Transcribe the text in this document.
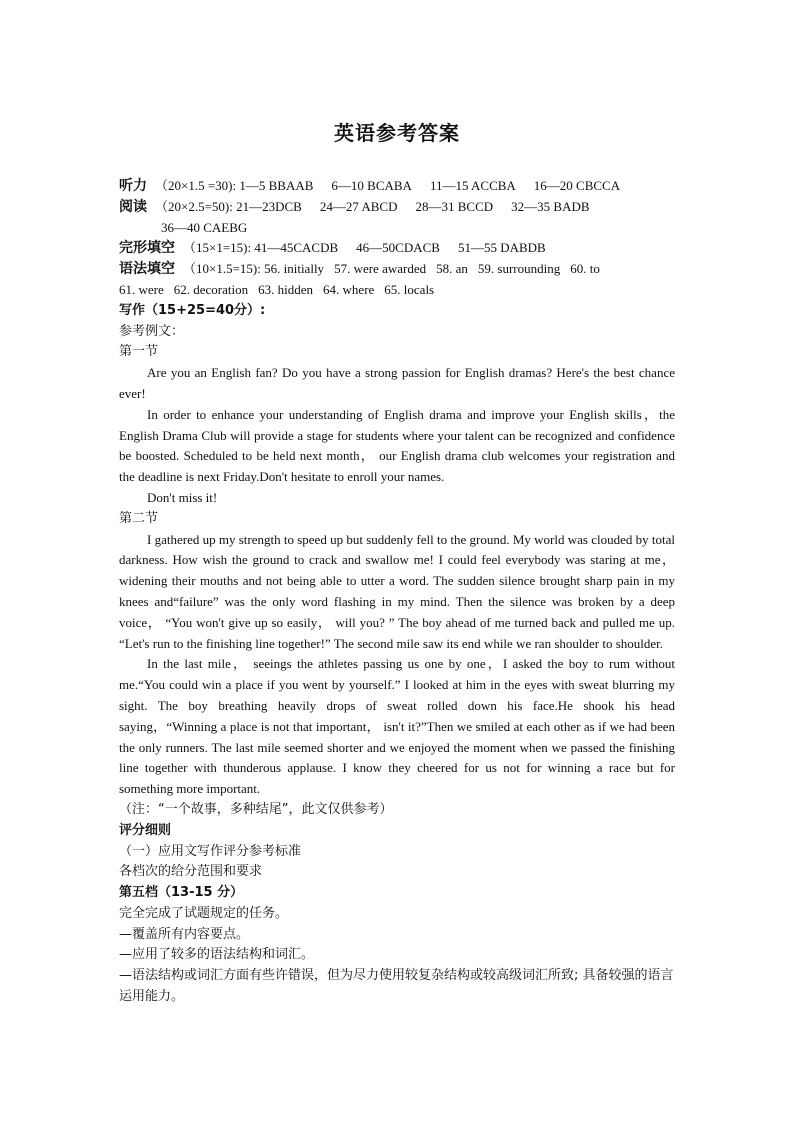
英语参考答案
听力 （20×1.5 =30): 1—5 BBAAB 6—10 BCABA 11—15 ACCBA 16—20 CBCCA
阅读 （20×2.5=50): 21—23DCB 24—27 ABCD 28—31 BCCD 32—35 BADB
36—40 CAEBG
完形填空 （15×1=15): 41—45CACDB 46—50CDACB 51—55 DABDB
语法填空 （10×1.5=15): 56. initially 57. were awarded 58. an 59. surrounding 60. to
61. were 62. decoration 63. hidden 64. where 65. locals
写作（15+25=40分）:
参考例文：
第一节

Are you an English fan? Do you have a strong passion for English dramas? Here's the best chance ever!

In order to enhance your understanding of English drama and improve your English skills，the English Drama Club will provide a stage for students where your talent can be recognized and confidence be boosted. Scheduled to be held next month， our English drama club welcomes your registration and the deadline is next Friday.Don't hesitate to enroll your names.

Don't miss it!

第二节

I gathered up my strength to speed up but suddenly fell to the ground. My world was clouded by total darkness. How wish the ground to crack and swallow me! I could feel everybody was staring at me，widening their mouths and not being able to utter a word. The sudden silence brought sharp pain in my knees and“failure” was the only word flashing in my mind. Then the silence was broken by a deep voice， “You won't give up so easily， will you? ” The boy ahead of me turned back and pulled me up. “Let's run to the finishing line together!” The second mile saw its end while we ran shoulder to shoulder.

In the last mile， seeings the athletes passing us one by one，I asked the boy to rum without me.“You could win a place if you went by yourself.” I looked at him in the eyes with sweat blurring my sight. The boy breathing heavily drops of sweat rolled down his face.He shook his head saying，“Winning a place is not that important， isn't it?”Then we smiled at each other as if we had been the only runners. The last mile seemed shorter and we enjoyed the moment when we passed the finishing line together with thunderous applause. I know they cheered for us not for winning a race but for something more important.

（注：“一个故事，多种结尾”，此文仅供参考）
评分细则
（一）应用文写作评分参考标准
各档次的给分范围和要求
第五档（13-15 分）
完全完成了试题规定的任务。
—覆盖所有内容要点。
—应用了较多的语法结构和词汇。
—语法结构或词汇方面有些许错误，但为尽力使用较复杂结构或较高级词汇所致; 具备较强的语言运用能力。
